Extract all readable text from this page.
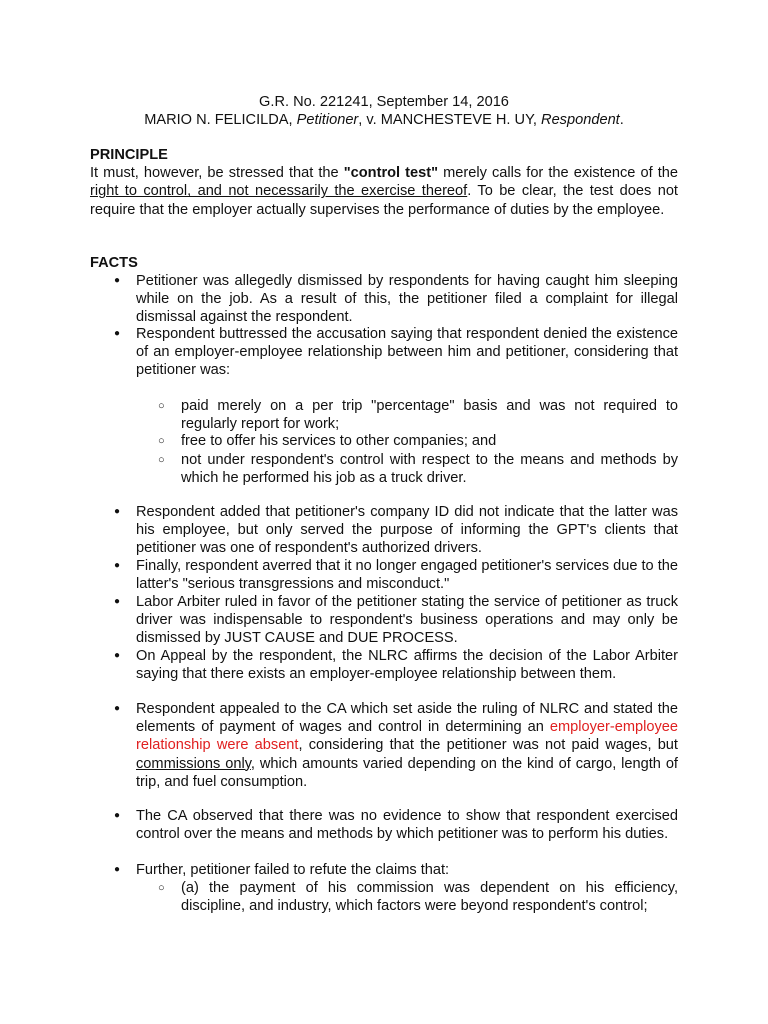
G.R. No. 221241, September 14, 2016

MARIO N. FELICILDA, Petitioner, v. MANCHESTEVE H. UY, Respondent.

PRINCIPLE

It must, however, be stressed that the "control test" merely calls for the existence of the right to control, and not necessarily the exercise thereof. To be clear, the test does not require that the employer actually supervises the performance of duties by the employee.

FACTS

● Petitioner was allegedly dismissed by respondents for having caught him sleeping while on the job. As a result of this, the petitioner filed a complaint for illegal dismissal against the respondent.
● Respondent buttressed the accusation saying that respondent denied the existence of an employer-employee relationship between him and petitioner, considering that petitioner was:
○ paid merely on a per trip "percentage" basis and was not required to regularly report for work;
○ free to offer his services to other companies; and
○ not under respondent's control with respect to the means and methods by which he performed his job as a truck driver.
● Respondent added that petitioner's company ID did not indicate that the latter was his employee, but only served the purpose of informing the GPT's clients that petitioner was one of respondent's authorized drivers.
● Finally, respondent averred that it no longer engaged petitioner's services due to the latter's "serious transgressions and misconduct."
● Labor Arbiter ruled in favor of the petitioner stating the service of petitioner as truck driver was indispensable to respondent's business operations and may only be dismissed by JUST CAUSE and DUE PROCESS.
● On Appeal by the respondent, the NLRC affirms the decision of the Labor Arbiter saying that there exists an employer-employee relationship between them.
● Respondent appealed to the CA which set aside the ruling of NLRC and stated the elements of payment of wages and control in determining an employer-employee relationship were absent, considering that the petitioner was not paid wages, but commissions only, which amounts varied depending on the kind of cargo, length of trip, and fuel consumption.
● The CA observed that there was no evidence to show that respondent exercised control over the means and methods by which petitioner was to perform his duties.
● Further, petitioner failed to refute the claims that:
○ (a) the payment of his commission was dependent on his efficiency, discipline, and industry, which factors were beyond respondent's control;
